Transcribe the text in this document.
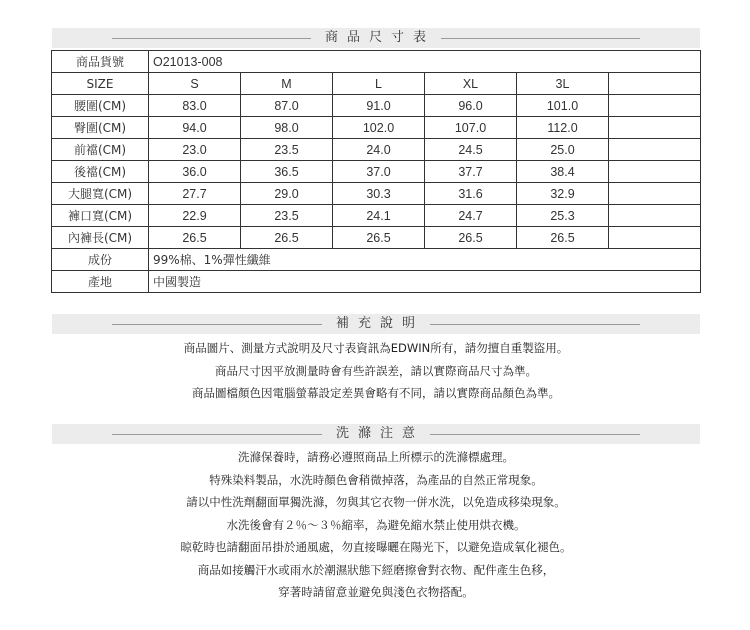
商品尺寸表
商品貨號	O21013-008					
SIZE	S	M	L	XL	3L	
腰圍(CM)	83.0	87.0	91.0	96.0	101.0	
臀圍(CM)	94.0	98.0	102.0	107.0	112.0	
前襠(CM)	23.0	23.5	24.0	24.5	25.0	
後襠(CM)	36.0	36.5	37.0	37.7	38.4	
大腿寬(CM)	27.7	29.0	30.3	31.6	32.9	
褲口寬(CM)	22.9	23.5	24.1	24.7	25.3	
內褲長(CM)	26.5	26.5	26.5	26.5	26.5	
成份	99%棉、1%彈性纖維					
產地	中國製造					
補充說明

商品圖片、測量方式說明及尺寸表資訊為EDWIN所有，請勿擅自重製盜用。

商品尺寸因平放測量時會有些許誤差，請以實際商品尺寸為準。

商品圖檔顏色因電腦螢幕設定差異會略有不同，請以實際商品顏色為準。

洗滌注意

洗滌保養時，請務必遵照商品上所標示的洗滌標處理。

特殊染料製品，水洗時顏色會稍微掉落，為產品的自然正常現象。

請以中性洗劑翻面單獨洗滌，勿與其它衣物一併水洗，以免造成移染現象。

水洗後會有２％～３％縮率，為避免縮水禁止使用烘衣機。

晾乾時也請翻面吊掛於通風處，勿直接曝曬在陽光下，以避免造成氧化褪色。

商品如接觸汗水或雨水於潮濕狀態下經磨擦會對衣物、配件產生色移，

穿著時請留意並避免與淺色衣物搭配。
